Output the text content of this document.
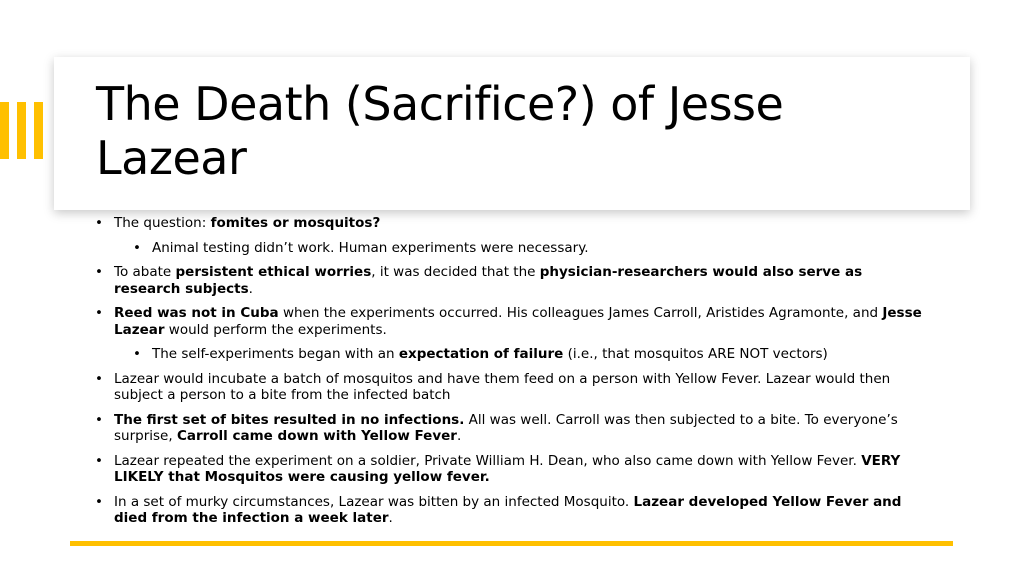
The Death (Sacrifice?) of Jesse Lazear
• The question: fomites or mosquitos?
• Animal testing didn’t work. Human experiments were necessary.
• To abate persistent ethical worries, it was decided that the physician-researchers would also serve as research subjects.
• Reed was not in Cuba when the experiments occurred. His colleagues James Carroll, Aristides Agramonte, and Jesse Lazear would perform the experiments.
• The self-experiments began with an expectation of failure (i.e., that mosquitos ARE NOT vectors)
• Lazear would incubate a batch of mosquitos and have them feed on a person with Yellow Fever. Lazear would then subject a person to a bite from the infected batch
• The first set of bites resulted in no infections. All was well. Carroll was then subjected to a bite. To everyone’s surprise, Carroll came down with Yellow Fever.
• Lazear repeated the experiment on a soldier, Private William H. Dean, who also came down with Yellow Fever. VERY LIKELY that Mosquitos were causing yellow fever.
• In a set of murky circumstances, Lazear was bitten by an infected Mosquito. Lazear developed Yellow Fever and died from the infection a week later.
